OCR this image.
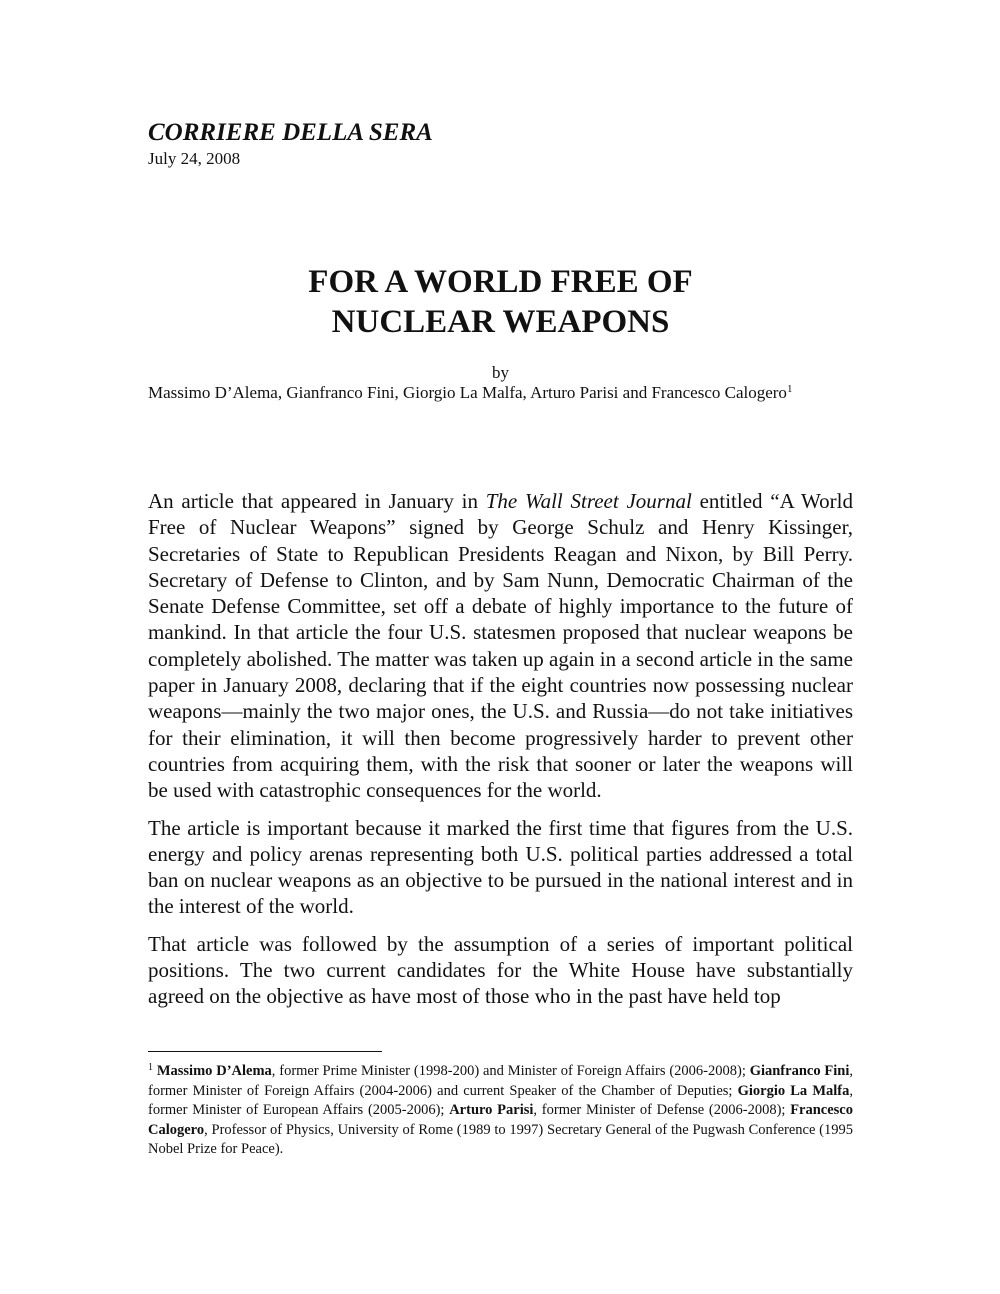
CORRIERE DELLA SERA
July 24, 2008
FOR A WORLD FREE OF
NUCLEAR WEAPONS
by
Massimo D’Alema, Gianfranco Fini, Giorgio La Malfa, Arturo Parisi and Francesco Calogero$^1$

An article that appeared in January in The Wall Street Journal entitled “A World Free of Nuclear Weapons” signed by George Schulz and Henry Kissinger, Secretaries of State to Republican Presidents Reagan and Nixon, by Bill Perry. Secretary of Defense to Clinton, and by Sam Nunn, Democratic Chairman of the Senate Defense Committee, set off a debate of highly importance to the future of mankind. In that article the four U.S. statesmen proposed that nuclear weapons be completely abolished. The matter was taken up again in a second article in the same paper in January 2008, declaring that if the eight countries now possessing nuclear weapons—mainly the two major ones, the U.S. and Russia—do not take initiatives for their elimination, it will then become progressively harder to prevent other countries from acquiring them, with the risk that sooner or later the weapons will be used with catastrophic consequences for the world.

The article is important because it marked the first time that figures from the U.S. energy and policy arenas representing both U.S. political parties addressed a total ban on nuclear weapons as an objective to be pursued in the national interest and in the interest of the world.

That article was followed by the assumption of a series of important political positions. The two current candidates for the White House have substantially agreed on the objective as have most of those who in the past have held top

$^1$ Massimo D’Alema, former Prime Minister (1998-200) and Minister of Foreign Affairs (2006-2008); Gianfranco Fini, former Minister of Foreign Affairs (2004-2006) and current Speaker of the Chamber of Deputies; Giorgio La Malfa, former Minister of European Affairs (2005-2006); Arturo Parisi, former Minister of Defense (2006-2008); Francesco Calogero, Professor of Physics, University of Rome (1989 to 1997) Secretary General of the Pugwash Conference (1995 Nobel Prize for Peace).
